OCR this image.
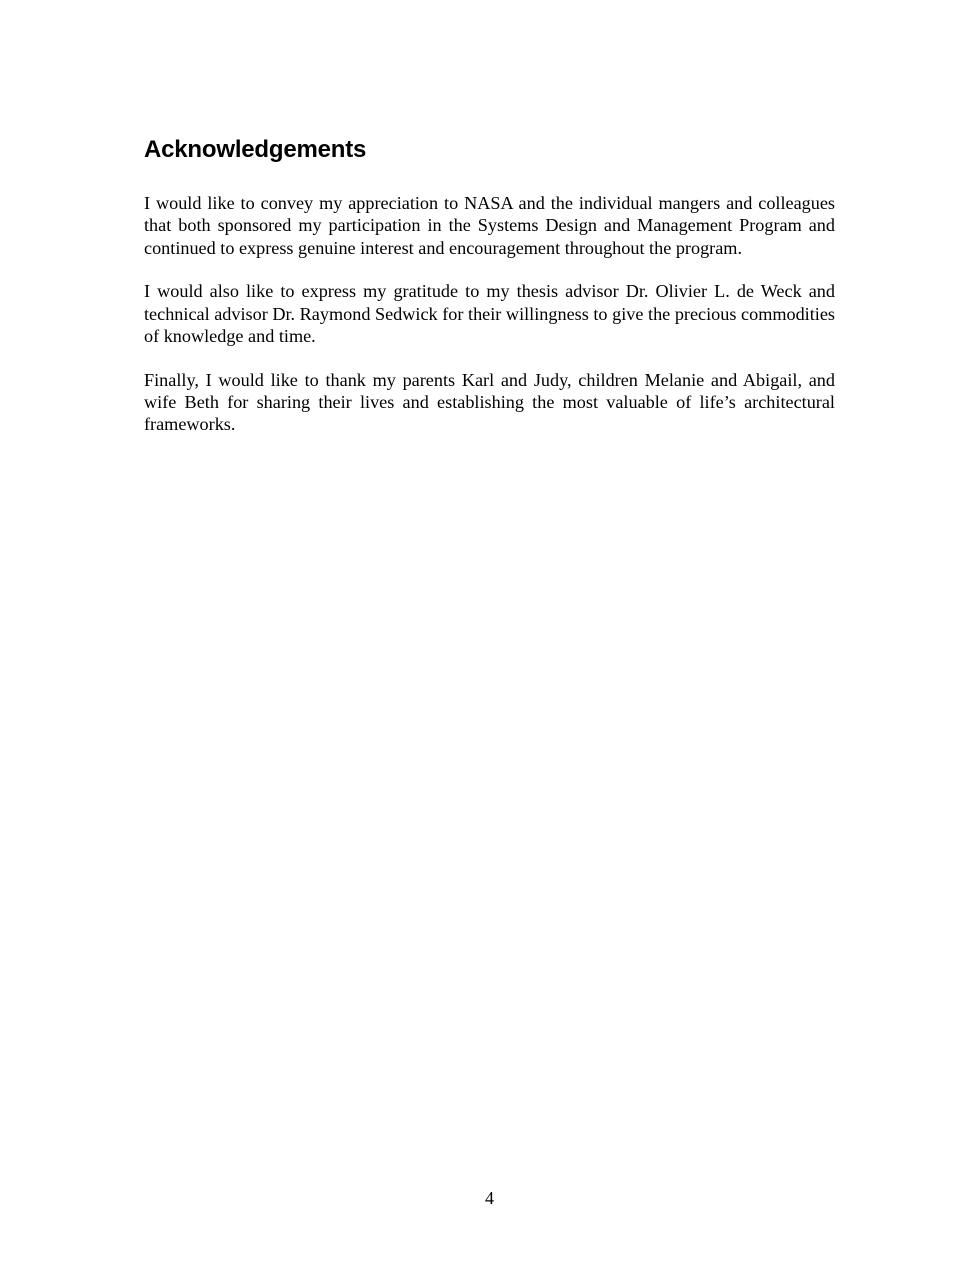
Acknowledgements

I would like to convey my appreciation to NASA and the individual mangers and colleagues that both sponsored my participation in the Systems Design and Management Program and continued to express genuine interest and encouragement throughout the program.

I would also like to express my gratitude to my thesis advisor Dr. Olivier L. de Weck and technical advisor Dr. Raymond Sedwick for their willingness to give the precious commodities of knowledge and time.

Finally, I would like to thank my parents Karl and Judy, children Melanie and Abigail, and wife Beth for sharing their lives and establishing the most valuable of life’s architectural frameworks.

4
